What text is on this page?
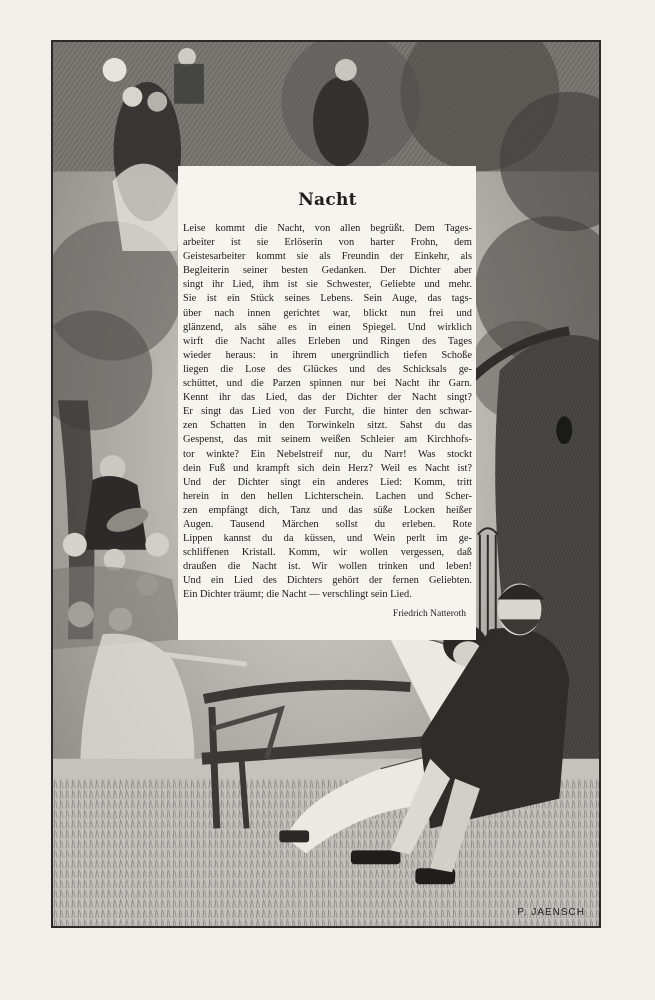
Nacht
Leise kommt die Nacht, von allen begrüßt. Dem Tages-
arbeiter ist sie Erlöserin von harter Frohn, dem
Geistesarbeiter kommt sie als Freundin der Einkehr, als
Begleiterin seiner besten Gedanken. Der Dichter aber
singt ihr Lied, ihm ist sie Schwester, Geliebte und mehr.
Sie ist ein Stück seines Lebens. Sein Auge, das tags-
über nach innen gerichtet war, blickt nun frei und
glänzend, als sähe es in einen Spiegel. Und wirklich
wirft die Nacht alles Erleben und Ringen des Tages
wieder heraus: in ihrem unergründlich tiefen Schoße
liegen die Lose des Glückes und des Schicksals ge-
schüttet, und die Parzen spinnen nur bei Nacht ihr Garn.
Kennt ihr das Lied, das der Dichter der Nacht singt?
Er singt das Lied von der Furcht, die hinter den schwar-
zen Schatten in den Torwinkeln sitzt. Sahst du das
Gespenst, das mit seinem weißen Schleier am Kirchhofs-
tor winkte? Ein Nebelstreif nur, du Narr! Was stockt
dein Fuß und krampft sich dein Herz? Weil es Nacht ist?
Und der Dichter singt ein anderes Lied: Komm, tritt
herein in den hellen Lichterschein. Lachen und Scher-
zen empfängt dich, Tanz und das süße Locken heißer
Augen. Tausend Märchen sollst du erleben. Rote
Lippen kannst du da küssen, und Wein perlt im ge-
schliffenen Kristall. Komm, wir wollen vergessen, daß
draußen die Nacht ist. Wir wollen trinken und leben!
Und ein Lied des Dichters gehört der fernen Geliebten.
Ein Dichter träumt; die Nacht — verschlingt sein Lied.
Friedrich Natteroth
P. JAENSCH
